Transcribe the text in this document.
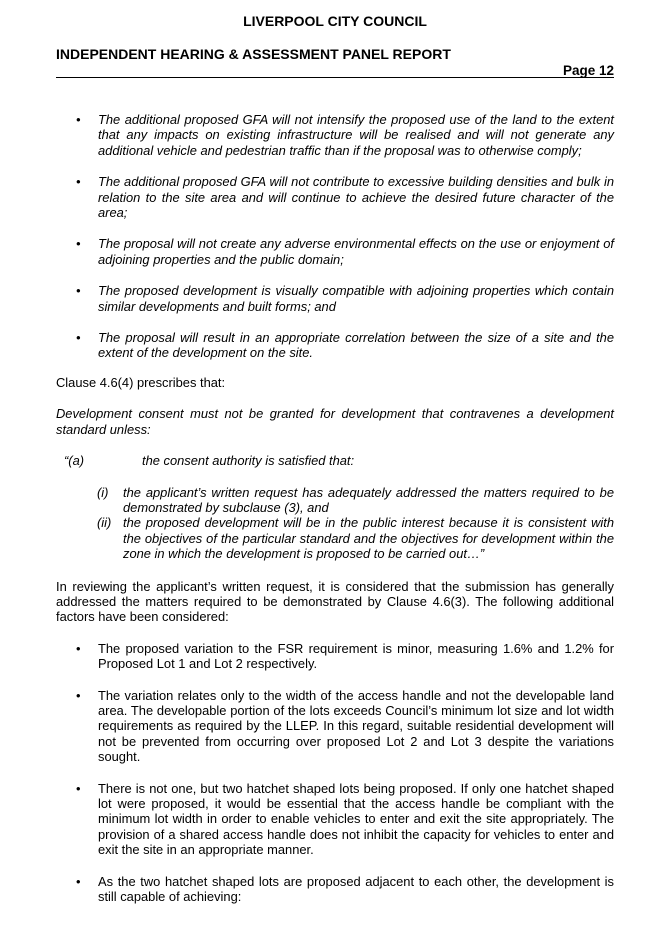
LIVERPOOL CITY COUNCIL
INDEPENDENT HEARING & ASSESSMENT PANEL REPORT
Page 12
•	The additional proposed GFA will not intensify the proposed use of the land to the extent that any impacts on existing infrastructure will be realised and will not generate any additional vehicle and pedestrian traffic than if the proposal was to otherwise comply;
•	The additional proposed GFA will not contribute to excessive building densities and bulk in relation to the site area and will continue to achieve the desired future character of the area;
•	The proposal will not create any adverse environmental effects on the use or enjoyment of adjoining properties and the public domain;
•	The proposed development is visually compatible with adjoining properties which contain similar developments and built forms; and
•	The proposal will result in an appropriate correlation between the size of a site and the extent of the development on the site.

Clause 4.6(4) prescribes that:

Development consent must not be granted for development that contravenes a development standard unless:

“(a)	the consent authority is satisfied that:
(i)	the applicant’s written request has adequately addressed the matters required to be demonstrated by subclause (3), and
(ii) the proposed development will be in the public interest because it is consistent with the objectives of the particular standard and the objectives for development within the zone in which the development is proposed to be carried out…”

In reviewing the applicant’s written request, it is considered that the submission has generally addressed the matters required to be demonstrated by Clause 4.6(3). The following additional factors have been considered:

•	The proposed variation to the FSR requirement is minor, measuring 1.6% and 1.2% for Proposed Lot 1 and Lot 2 respectively.
•	The variation relates only to the width of the access handle and not the developable land area. The developable portion of the lots exceeds Council’s minimum lot size and lot width requirements as required by the LLEP. In this regard, suitable residential development will not be prevented from occurring over proposed Lot 2 and Lot 3 despite the variations sought.
•	There is not one, but two hatchet shaped lots being proposed. If only one hatchet shaped lot were proposed, it would be essential that the access handle be compliant with the minimum lot width in order to enable vehicles to enter and exit the site appropriately. The provision of a shared access handle does not inhibit the capacity for vehicles to enter and exit the site in an appropriate manner.
•	As the two hatchet shaped lots are proposed adjacent to each other, the development is still capable of achieving:
